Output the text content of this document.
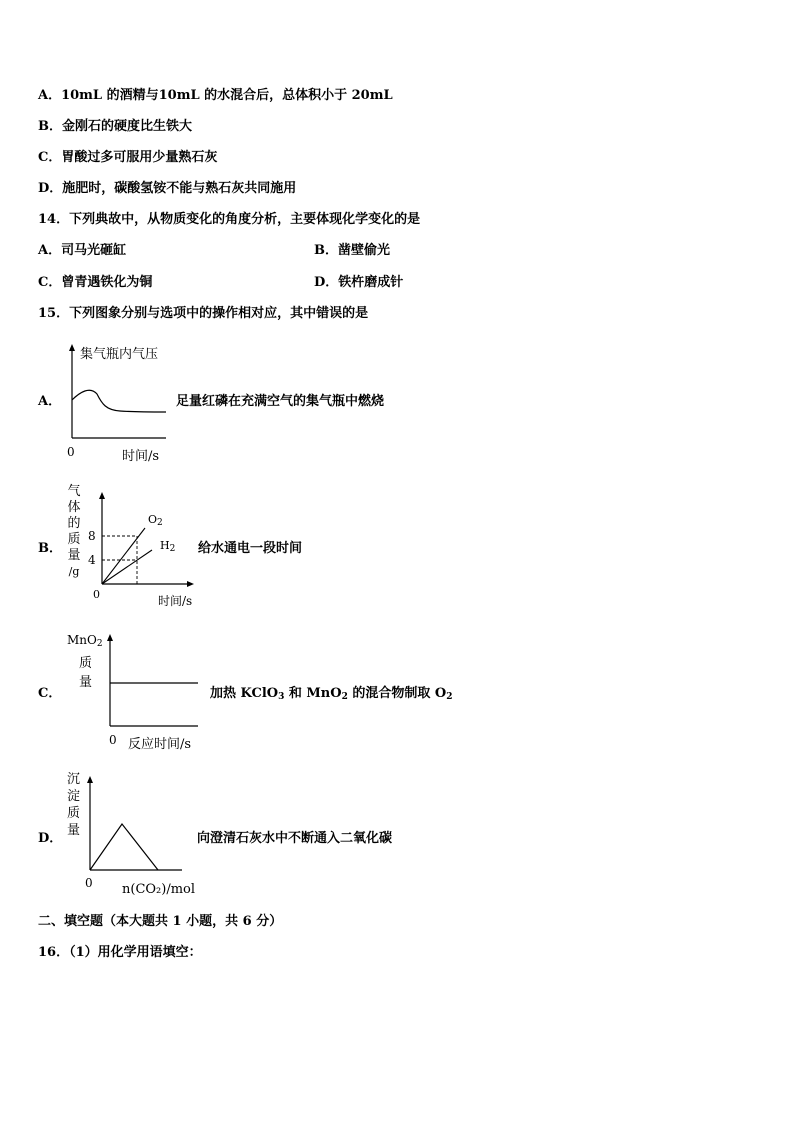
A．10mL 的酒精与10mL 的水混合后，总体积小于 20mL
B．金刚石的硬度比生铁大
C．胃酸过多可服用少量熟石灰
D．施肥时，碳酸氢铵不能与熟石灰共同施用
14．下列典故中，从物质变化的角度分析，主要体现化学变化的是
A．司马光砸缸	B．凿壁偷光
C．曾青遇铁化为铜	D．铁杵磨成针
15．下列图象分别与选项中的操作相对应，其中错误的是
A．
集气瓶内气压
0	时间/s
足量红磷在充满空气的集气瓶中燃烧
B．
气
体
的
质
量
/g
8
4
0	时间/s
$O_2$
$H_2$ 给水通电一段时间
C．
MnO$_2$
质
量
0 反应时间/s
加热 KClO$_3$ 和 MnO$_2$ 的混合物制取 $O_2$
D．
沉
淀
质
量
0 n(CO₂)/mol
向澄清石灰水中不断通入二氧化碳
二、填空题（本大题共 1 小题，共 6 分）
16．（1）用化学用语填空：
